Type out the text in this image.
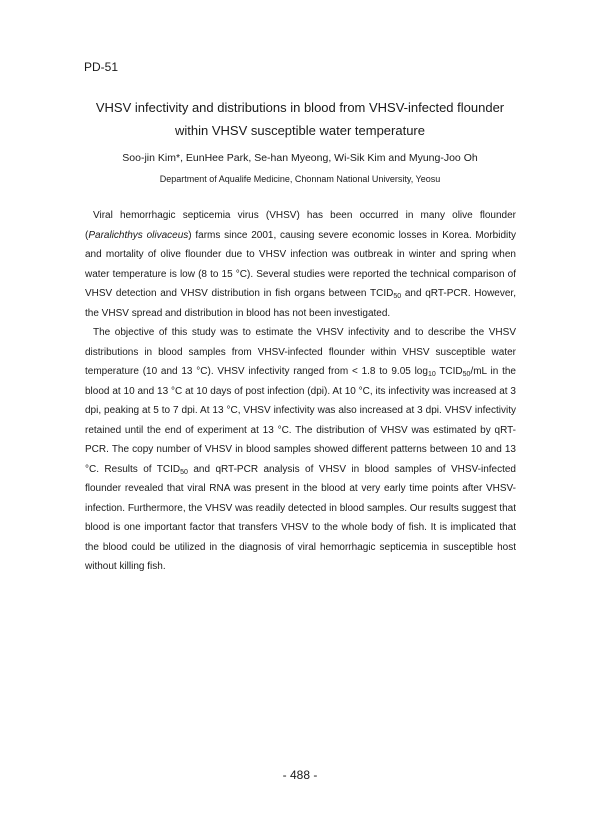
PD-51
VHSV infectivity and distributions in blood from VHSV-infected flounder
within VHSV susceptible water temperature
Soo-jin Kim*, EunHee Park, Se-han Myeong, Wi-Sik Kim and Myung-Joo Oh
Department of Aqualife Medicine, Chonnam National University, Yeosu

Viral hemorrhagic septicemia virus (VHSV) has been occurred in many olive flounder (Paralichthys olivaceus) farms since 2001, causing severe economic losses in Korea. Morbidity and mortality of olive flounder due to VHSV infection was outbreak in winter and spring when water temperature is low (8 to 15 °C). Several studies were reported the technical comparison of VHSV detection and VHSV distribution in fish organs between $TCID_{50}$ and qRT-PCR. However, the VHSV spread and distribution in blood has not been investigated.

The objective of this study was to estimate the VHSV infectivity and to describe the VHSV distributions in blood samples from VHSV-infected flounder within VHSV susceptible water temperature (10 and 13 °C). VHSV infectivity ranged from < 1.8 to 9.05 $\log_{10}$ $TCID_{50}/mL$ in the blood at 10 and 13 °C at 10 days of post infection (dpi). At 10 °C, its infectivity was increased at 3 dpi, peaking at 5 to 7 dpi. At 13 °C, VHSV infectivity was also increased at 3 dpi. VHSV infectivity retained until the end of experiment at 13 °C. The distribution of VHSV was estimated by qRT-PCR. The copy number of VHSV in blood samples showed different patterns between 10 and 13 °C. Results of $TCID_{50}$ and qRT-PCR analysis of VHSV in blood samples of VHSV-infected flounder revealed that viral RNA was present in the blood at very early time points after VHSV-infection. Furthermore, the VHSV was readily detected in blood samples. Our results suggest that blood is one important factor that transfers VHSV to the whole body of fish. It is implicated that the blood could be utilized in the diagnosis of viral hemorrhagic septicemia in susceptible host without killing fish.

- 488 -
